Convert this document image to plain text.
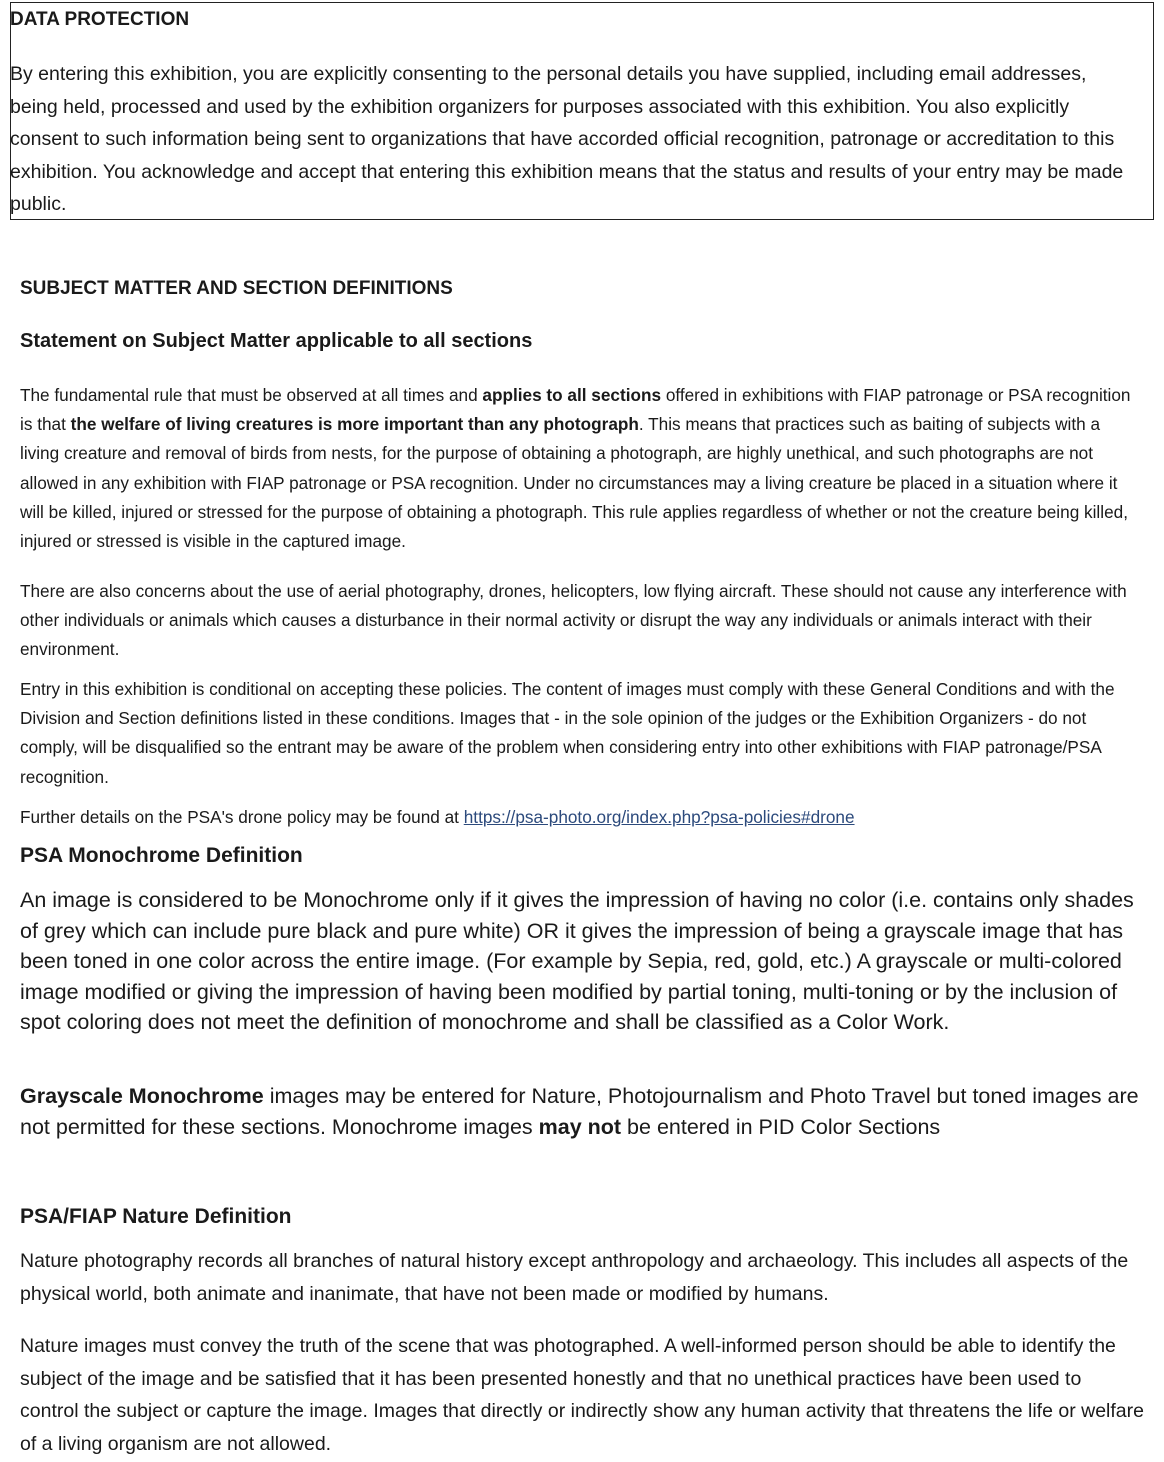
DATA PROTECTION
By entering this exhibition, you are explicitly consenting to the personal details you have supplied, including email addresses, being held, processed and used by the exhibition organizers for purposes associated with this exhibition. You also explicitly consent to such information being sent to organizations that have accorded official recognition, patronage or accreditation to this exhibition. You acknowledge and accept that entering this exhibition means that the status and results of your entry may be made public.
SUBJECT MATTER AND SECTION DEFINITIONS
Statement on Subject Matter applicable to all sections
The fundamental rule that must be observed at all times and applies to all sections offered in exhibitions with FIAP patronage or PSA recognition is that the welfare of living creatures is more important than any photograph. This means that practices such as baiting of subjects with a living creature and removal of birds from nests, for the purpose of obtaining a photograph, are highly unethical, and such photographs are not allowed in any exhibition with FIAP patronage or PSA recognition. Under no circumstances may a living creature be placed in a situation where it will be killed, injured or stressed for the purpose of obtaining a photograph. This rule applies regardless of whether or not the creature being killed, injured or stressed is visible in the captured image.
There are also concerns about the use of aerial photography, drones, helicopters, low flying aircraft. These should not cause any interference with other individuals or animals which causes a disturbance in their normal activity or disrupt the way any individuals or animals interact with their environment.
Entry in this exhibition is conditional on accepting these policies. The content of images must comply with these General Conditions and with the Division and Section definitions listed in these conditions. Images that - in the sole opinion of the judges or the Exhibition Organizers - do not comply, will be disqualified so the entrant may be aware of the problem when considering entry into other exhibitions with FIAP patronage/PSA recognition.
Further details on the PSA's drone policy may be found at https://psa-photo.org/index.php?psa-policies#drone
PSA Monochrome Definition
An image is considered to be Monochrome only if it gives the impression of having no color (i.e. contains only shades of grey which can include pure black and pure white) OR it gives the impression of being a grayscale image that has been toned in one color across the entire image. (For example by Sepia, red, gold, etc.) A grayscale or multi-colored image modified or giving the impression of having been modified by partial toning, multi-toning or by the inclusion of spot coloring does not meet the definition of monochrome and shall be classified as a Color Work.
Grayscale Monochrome images may be entered for Nature, Photojournalism and Photo Travel but toned images are not permitted for these sections. Monochrome images may not be entered in PID Color Sections
PSA/FIAP Nature Definition
Nature photography records all branches of natural history except anthropology and archaeology. This includes all aspects of the physical world, both animate and inanimate, that have not been made or modified by humans.
Nature images must convey the truth of the scene that was photographed. A well-informed person should be able to identify the subject of the image and be satisfied that it has been presented honestly and that no unethical practices have been used to control the subject or capture the image. Images that directly or indirectly show any human activity that threatens the life or welfare of a living organism are not allowed.
